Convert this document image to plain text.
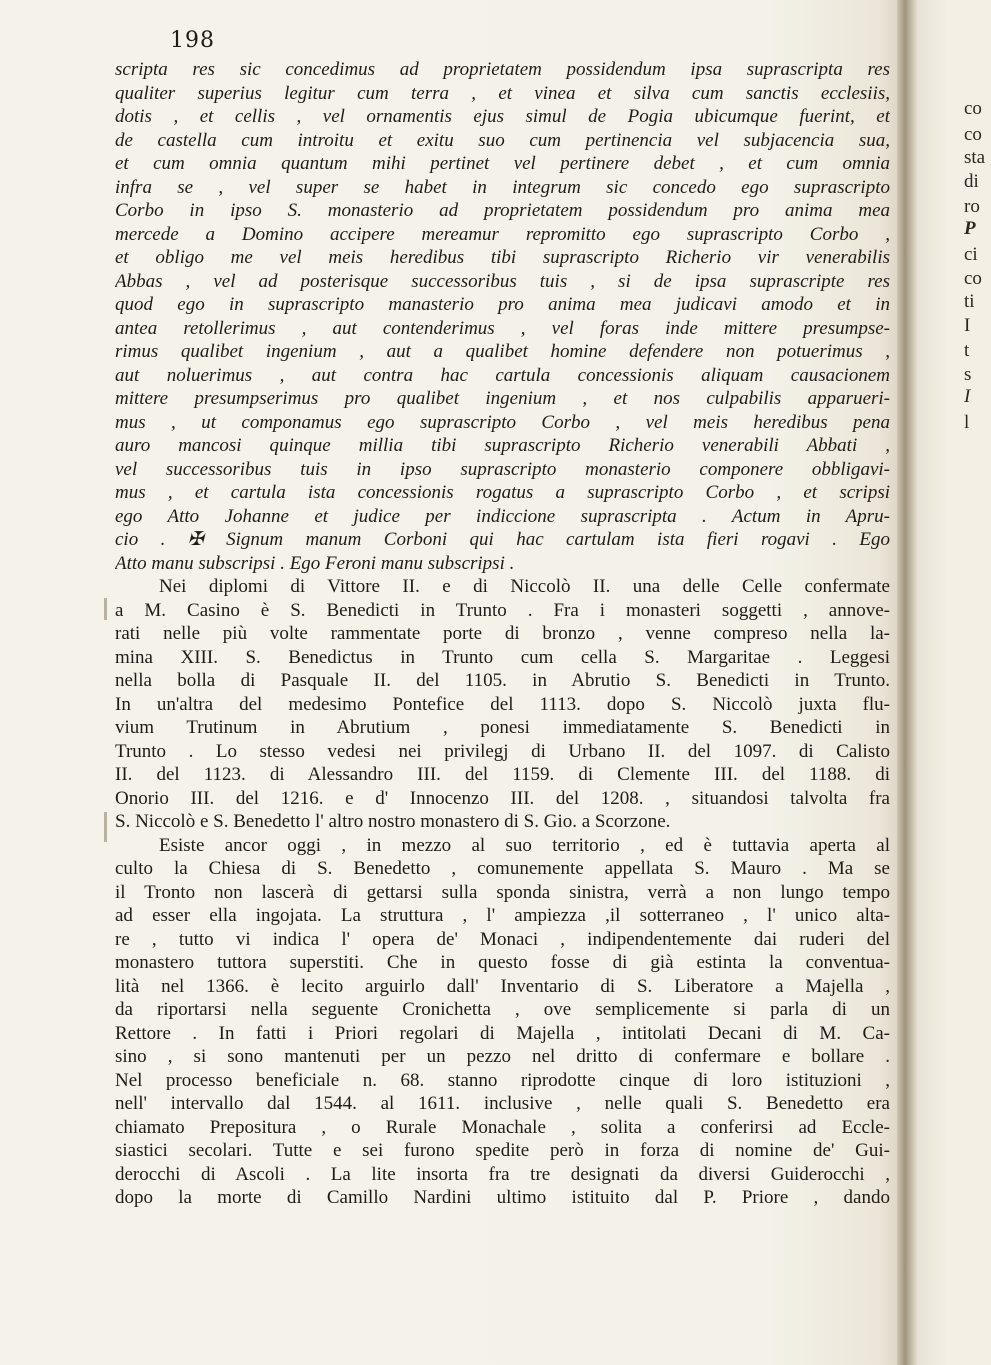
198
scripta res sic concedimus ad proprietatem possidendum ipsa suprascripta res
qualiter superius legitur cum terra , et vinea et silva cum sanctis ecclesiis,
dotis , et cellis , vel ornamentis ejus simul de Pogia ubicumque fuerint, et
de castella cum introitu et exitu suo cum pertinencia vel subjacencia sua,
et cum omnia quantum mihi pertinet vel pertinere debet , et cum omnia
infra se , vel super se habet in integrum sic concedo ego suprascripto
Corbo in ipso S. monasterio ad proprietatem possidendum pro anima mea
mercede a Domino accipere mereamur repromitto ego suprascripto Corbo ,
et obligo me vel meis heredibus tibi suprascripto Richerio vir venerabilis
Abbas , vel ad posterisque successoribus tuis , si de ipsa suprascripte res
quod ego in suprascripto manasterio pro anima mea judicavi amodo et in
antea retollerimus , aut contenderimus , vel foras inde mittere presumpse-
rimus qualibet ingenium , aut a qualibet homine defendere non potuerimus ,
aut noluerimus , aut contra hac cartula concessionis aliquam causacionem
mittere presumpserimus pro qualibet ingenium , et nos culpabilis apparueri-
mus , ut componamus ego suprascripto Corbo , vel meis heredibus pena
auro mancosi quinque millia tibi suprascripto Richerio venerabili Abbati ,
vel successoribus tuis in ipso suprascripto monasterio componere obbligavi-
mus , et cartula ista concessionis rogatus a suprascripto Corbo , et scripsi
ego Atto Johanne et judice per indiccione suprascripta . Actum in Apru-
cio . ✠ Signum manum Corboni qui hac cartulam ista fieri rogavi . Ego
Atto manu subscripsi . Ego Feroni manu subscripsi .
Nei diplomi di Vittore II. e di Niccolò II. una delle Celle confermate
a M. Casino è S. Benedicti in Trunto . Fra i monasteri soggetti , annove-
rati nelle più volte rammentate porte di bronzo , venne compreso nella la-
mina XIII. S. Benedictus in Trunto cum cella S. Margaritae . Leggesi
nella bolla di Pasquale II. del 1105. in Abrutio S. Benedicti in Trunto.
In un'altra del medesimo Pontefice del 1113. dopo S. Niccolò juxta flu-
vium Trutinum in Abrutium , ponesi immediatamente S. Benedicti in
Trunto . Lo stesso vedesi nei privilegj di Urbano II. del 1097. di Calisto
II. del 1123. di Alessandro III. del 1159. di Clemente III. del 1188. di
Onorio III. del 1216. e d' Innocenzo III. del 1208. , situandosi talvolta fra
S. Niccolò e S. Benedetto l' altro nostro monastero di S. Gio. a Scorzone.
Esiste ancor oggi , in mezzo al suo territorio , ed è tuttavia aperta al
culto la Chiesa di S. Benedetto , comunemente appellata S. Mauro . Ma se
il Tronto non lascerà di gettarsi sulla sponda sinistra, verrà a non lungo tempo
ad esser ella ingojata. La struttura , l' ampiezza ,il sotterraneo , l' unico alta-
re , tutto vi indica l' opera de' Monaci , indipendentemente dai ruderi del
monastero tuttora superstiti. Che in questo fosse di già estinta la conventua-
lità nel 1366. è lecito arguirlo dall' Inventario di S. Liberatore a Majella ,
da riportarsi nella seguente Cronichetta , ove semplicemente si parla di un
Rettore . In fatti i Priori regolari di Majella , intitolati Decani di M. Ca-
sino , si sono mantenuti per un pezzo nel dritto di confermare e bollare .
Nel processo beneficiale n. 68. stanno riprodotte cinque di loro istituzioni ,
nell' intervallo dal 1544. al 1611. inclusive , nelle quali S. Benedetto era
chiamato Prepositura , o Rurale Monachale , solita a conferirsi ad Eccle-
siastici secolari. Tutte e sei furono spedite però in forza di nomine de' Gui-
derocchi di Ascoli . La lite insorta fra tre designati da diversi Guiderocchi ,
dopo la morte di Camillo Nardini ultimo istituito dal P. Priore , dando
co
co
sta
di
ro
P
ci
co
ti
I
t
s
I
l
